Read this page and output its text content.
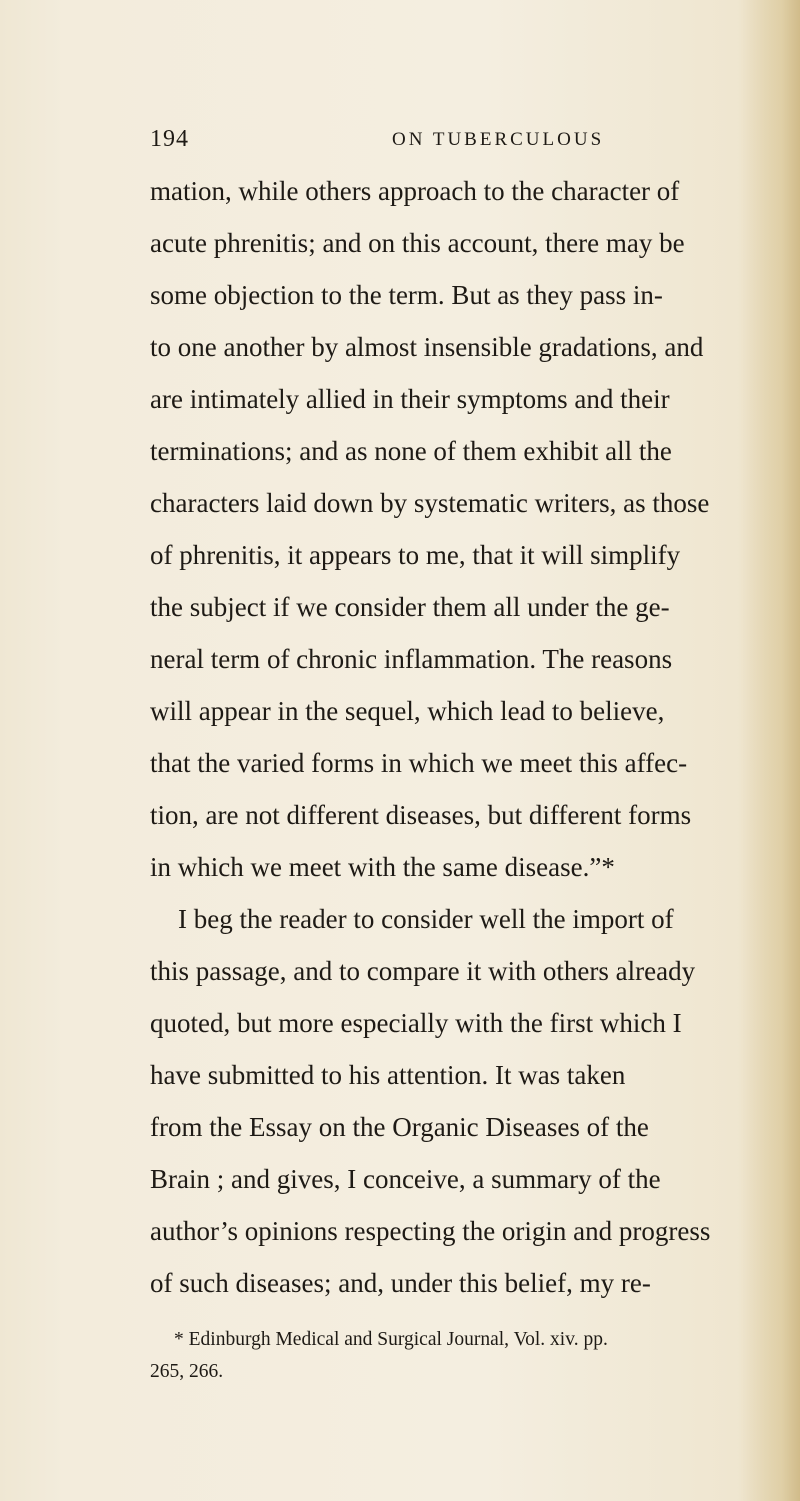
194	ON TUBERCULOUS
mation, while others approach to the character of
acute phrenitis; and on this account, there may be
some objection to the term. But as they pass in-
to one another by almost insensible gradations, and
are intimately allied in their symptoms and their
terminations; and as none of them exhibit all the
characters laid down by systematic writers, as those
of phrenitis, it appears to me, that it will simplify
the subject if we consider them all under the ge-
neral term of chronic inflammation. The reasons
will appear in the sequel, which lead to believe,
that the varied forms in which we meet this affec-
tion, are not different diseases, but different forms
in which we meet with the same disease.”*
I beg the reader to consider well the import of
this passage, and to compare it with others already
quoted, but more especially with the first which I
have submitted to his attention. It was taken
from the Essay on the Organic Diseases of the
Brain ; and gives, I conceive, a summary of the
author’s opinions respecting the origin and progress
of such diseases; and, under this belief, my re-
* Edinburgh Medical and Surgical Journal, Vol. xiv. pp.
265, 266.
